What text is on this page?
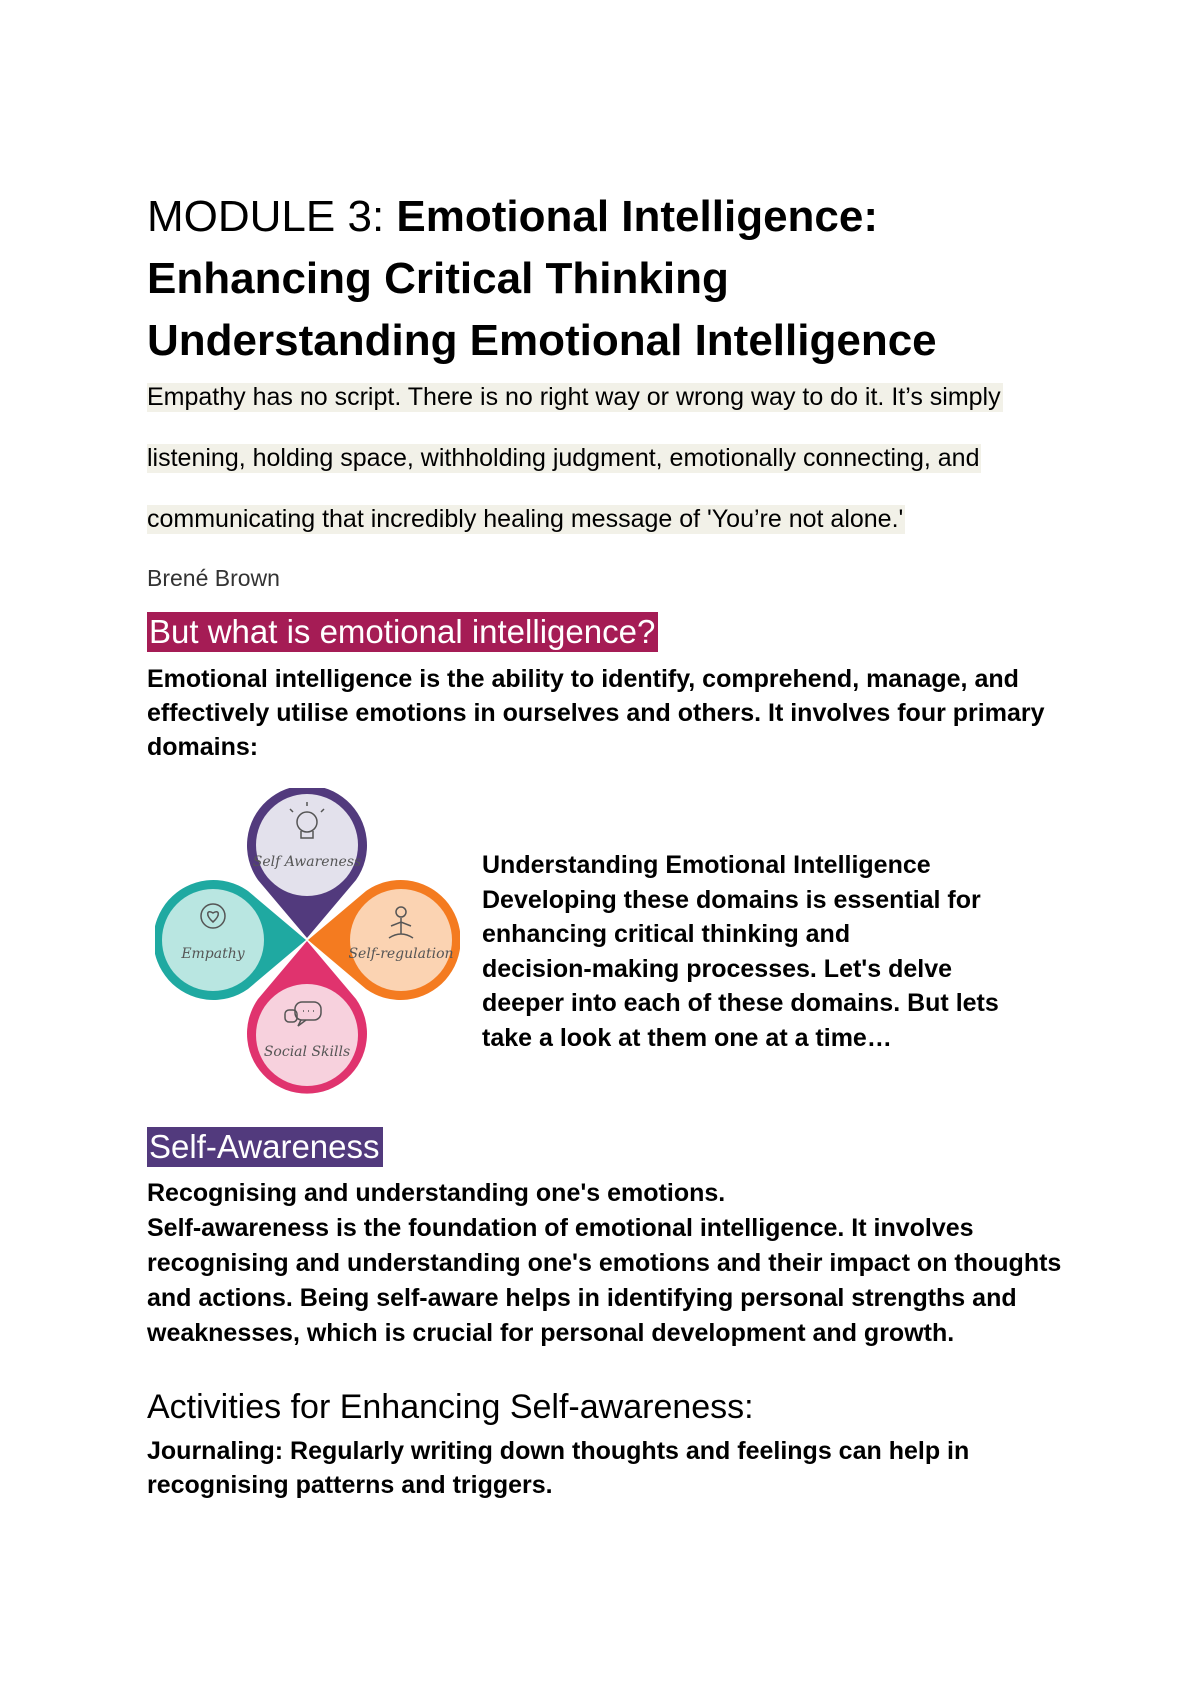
MODULE 3: Emotional Intelligence:
Enhancing Critical Thinking
Understanding Emotional Intelligence
Empathy has no script. There is no right way or wrong way to do it. It’s simply
listening, holding space, withholding judgment, emotionally connecting, and
communicating that incredibly healing message of 'You’re not alone.'
Brené Brown
But what is emotional intelligence?

Emotional intelligence is the ability to identify, comprehend, manage, and effectively utilise emotions in ourselves and others. It involves four primary domains:

Self Awareness
Self-regulation
Social Skills
Empathy
Understanding Emotional Intelligence
Developing these domains is essential for
enhancing critical thinking and
decision-making processes. Let's delve
deeper into each of these domains. But lets
take a look at them one at a time…
Self-Awareness
Recognising and understanding one's emotions.

Self-awareness is the foundation of emotional intelligence. It involves recognising and understanding one's emotions and their impact on thoughts and actions. Being self-aware helps in identifying personal strengths and weaknesses, which is crucial for personal development and growth.

Activities for Enhancing Self-awareness:

Journaling: Regularly writing down thoughts and feelings can help in recognising patterns and triggers.
